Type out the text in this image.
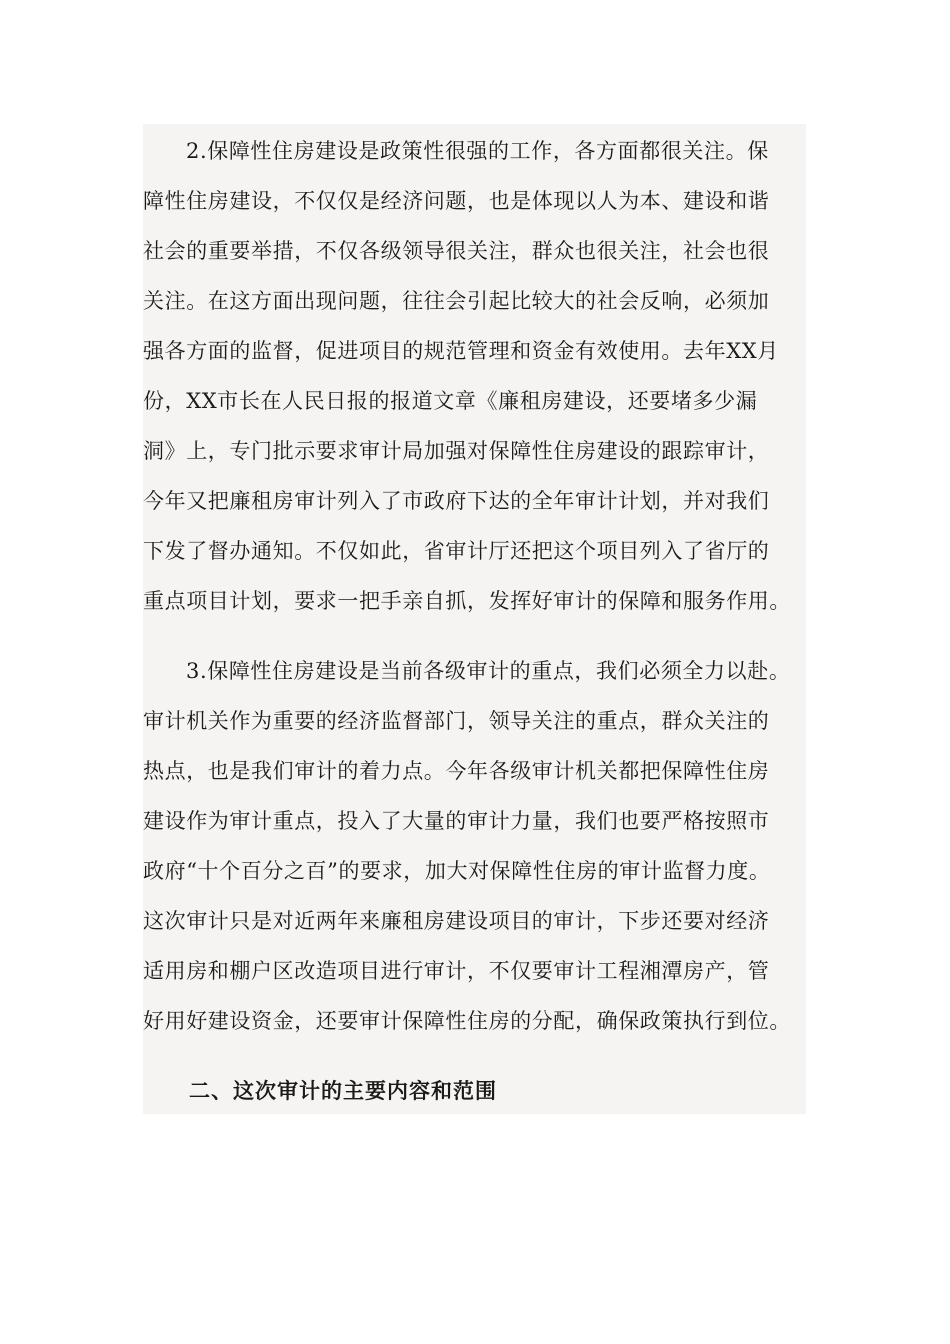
2.保障性住房建设是政策性很强的工作，各方面都很关注。保
障性住房建设，不仅仅是经济问题，也是体现以人为本、建设和谐
社会的重要举措，不仅各级领导很关注，群众也很关注，社会也很
关注。在这方面出现问题，往往会引起比较大的社会反响，必须加
强各方面的监督，促进项目的规范管理和资金有效使用。去年XX月
份，XX市长在人民日报的报道文章《廉租房建设，还要堵多少漏
洞》上，专门批示要求审计局加强对保障性住房建设的跟踪审计，
今年又把廉租房审计列入了市政府下达的全年审计计划，并对我们
下发了督办通知。不仅如此，省审计厅还把这个项目列入了省厅的
重点项目计划，要求一把手亲自抓，发挥好审计的保障和服务作用。
3.保障性住房建设是当前各级审计的重点，我们必须全力以赴。
审计机关作为重要的经济监督部门，领导关注的重点，群众关注的
热点，也是我们审计的着力点。今年各级审计机关都把保障性住房
建设作为审计重点，投入了大量的审计力量，我们也要严格按照市
政府“十个百分之百”的要求，加大对保障性住房的审计监督力度。
这次审计只是对近两年来廉租房建设项目的审计，下步还要对经济
适用房和棚户区改造项目进行审计，不仅要审计工程湘潭房产，管
好用好建设资金，还要审计保障性住房的分配，确保政策执行到位。
二、这次审计的主要内容和范围
